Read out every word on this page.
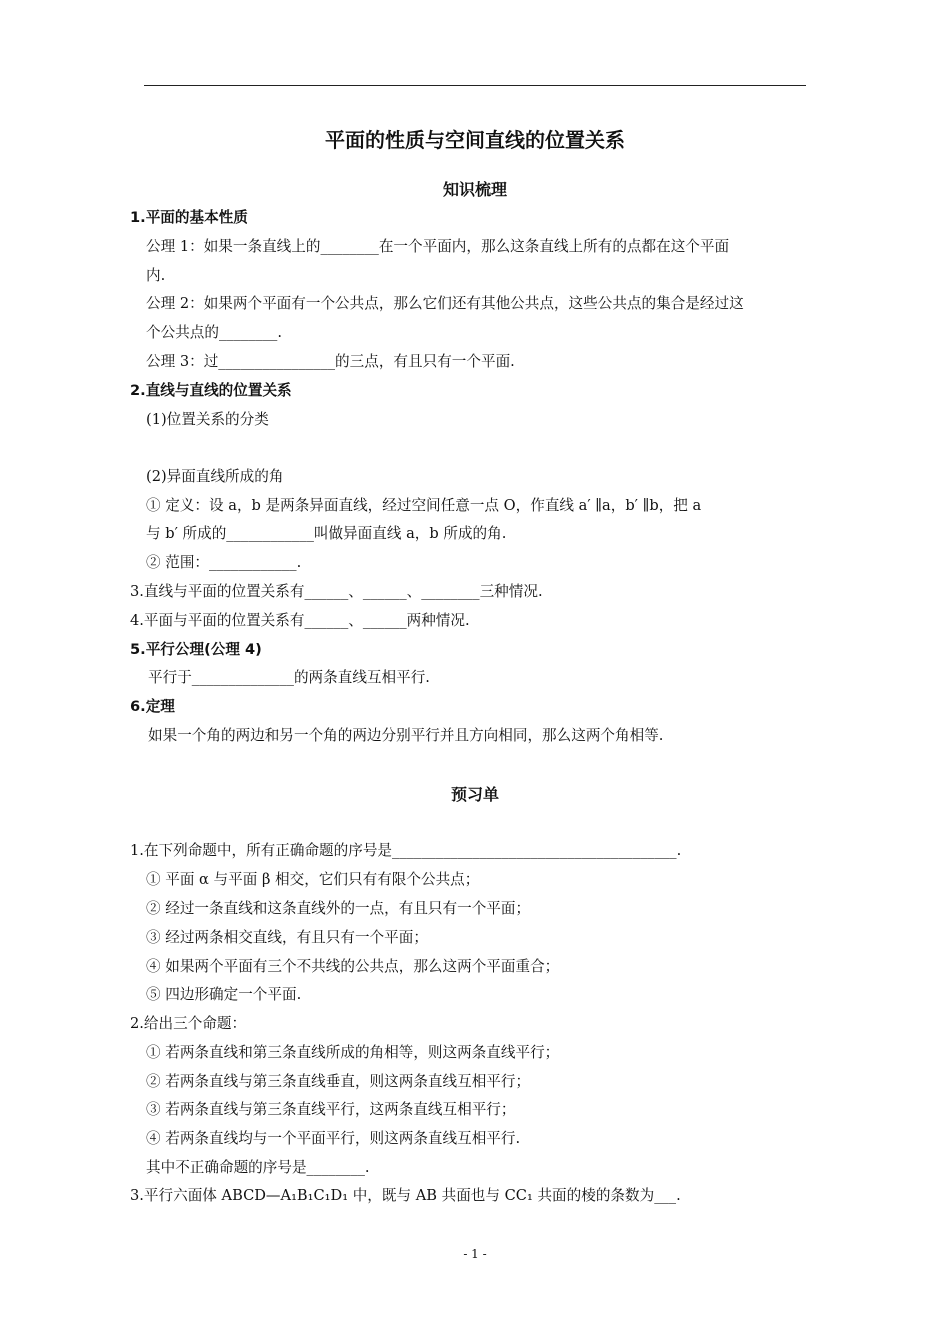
平面的性质与空间直线的位置关系
知识梳理
1.平面的基本性质
公理 1：如果一条直线上的________在一个平面内，那么这条直线上所有的点都在这个平面
内.
公理 2：如果两个平面有一个公共点，那么它们还有其他公共点，这些公共点的集合是经过这
个公共点的________.
公理 3：过________________的三点，有且只有一个平面.
2.直线与直线的位置关系
(1)位置关系的分类
(2)异面直线所成的角
① 定义：设 a，b 是两条异面直线，经过空间任意一点 O，作直线 a′ ∥a，b′ ∥b，把 a
与 b′ 所成的____________叫做异面直线 a，b 所成的角.
② 范围：____________.
3.直线与平面的位置关系有______、______、________三种情况.
4.平面与平面的位置关系有______、______两种情况.
5.平行公理(公理 4)
平行于______________的两条直线互相平行.
6.定理
如果一个角的两边和另一个角的两边分别平行并且方向相同，那么这两个角相等.
预习单
1.在下列命题中，所有正确命题的序号是_______________________________________.
① 平面 α 与平面 β 相交，它们只有有限个公共点；
② 经过一条直线和这条直线外的一点，有且只有一个平面；
③ 经过两条相交直线，有且只有一个平面；
④ 如果两个平面有三个不共线的公共点，那么这两个平面重合；
⑤ 四边形确定一个平面.
2.给出三个命题：
① 若两条直线和第三条直线所成的角相等，则这两条直线平行；
② 若两条直线与第三条直线垂直，则这两条直线互相平行；
③ 若两条直线与第三条直线平行，这两条直线互相平行；
④ 若两条直线均与一个平面平行，则这两条直线互相平行.
其中不正确命题的序号是________.
3.平行六面体 ABCD—A₁B₁C₁D₁ 中，既与 AB 共面也与 CC₁ 共面的棱的条数为___.
- 1 -
